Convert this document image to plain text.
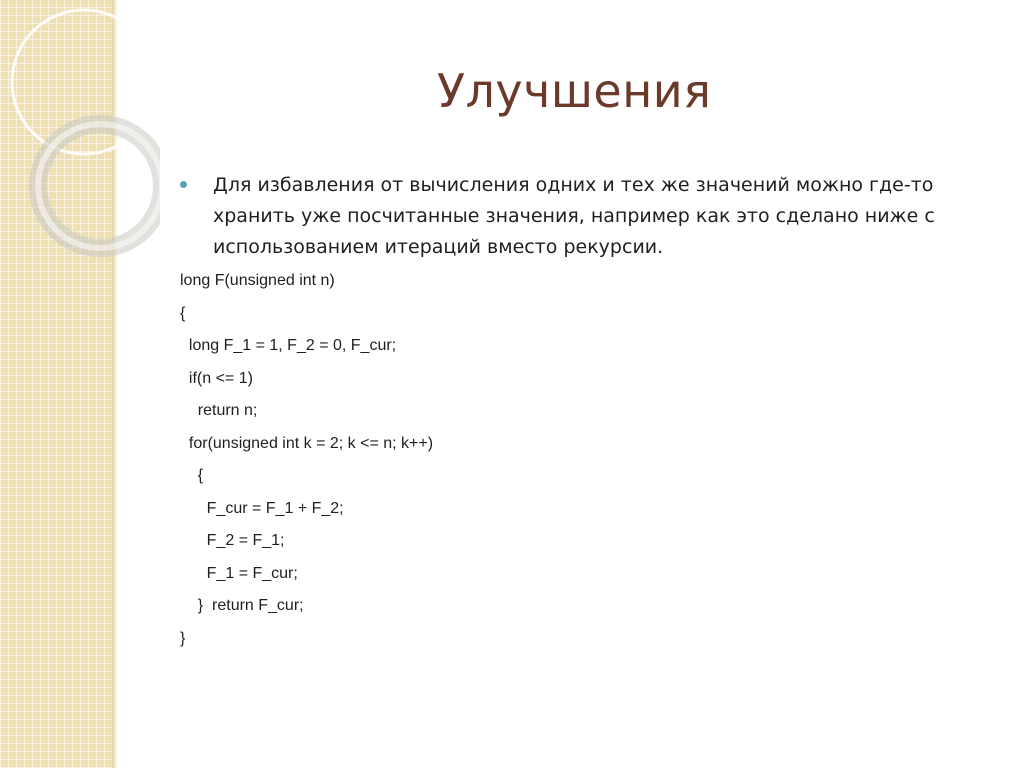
Улучшения

Для избавления от вычисления одних и тех же значений можно где-то хранить уже посчитанные значения, например как это сделано ниже с использованием итераций вместо рекурсии.

long F(unsigned int n)
{
long F_1 = 1, F_2 = 0, F_cur;
if(n <= 1)
return n;
for(unsigned int k = 2; k <= n; k++)
{
F_cur = F_1 + F_2;
F_2 = F_1;
F_1 = F_cur;
}  return F_cur;
}
